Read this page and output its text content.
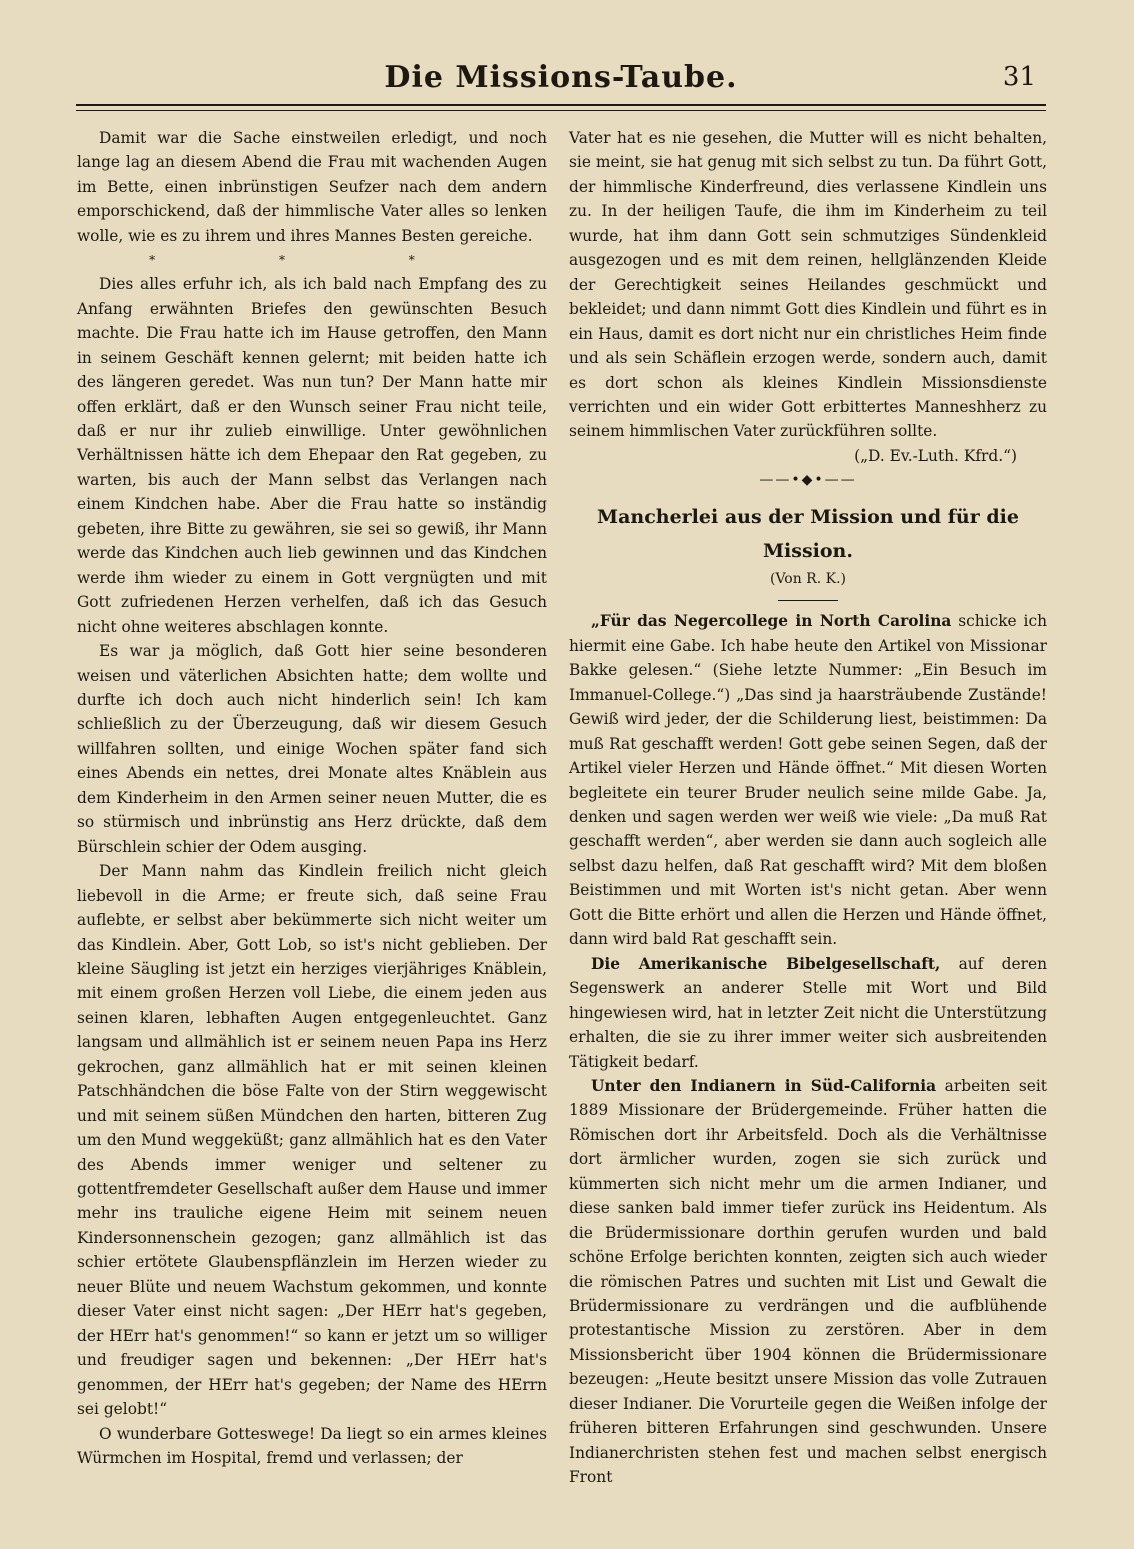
Die Missions-Taube.	31

Damit war die Sache einstweilen erledigt, und noch lange lag an diesem Abend die Frau mit wachenden Augen im Bette, einen inbrünstigen Seufzer nach dem andern emporschickend, daß der himmlische Vater alles so lenken wolle, wie es zu ihrem und ihres Mannes Besten gereiche.

* * *

Dies alles erfuhr ich, als ich bald nach Empfang des zu Anfang erwähnten Briefes den gewünschten Besuch machte. Die Frau hatte ich im Hause getroffen, den Mann in seinem Geschäft kennen gelernt; mit beiden hatte ich des längeren geredet. Was nun tun? Der Mann hatte mir offen erklärt, daß er den Wunsch seiner Frau nicht teile, daß er nur ihr zulieb einwillige. Unter gewöhnlichen Verhältnissen hätte ich dem Ehepaar den Rat gegeben, zu warten, bis auch der Mann selbst das Verlangen nach einem Kindchen habe. Aber die Frau hatte so inständig gebeten, ihre Bitte zu gewähren, sie sei so gewiß, ihr Mann werde das Kindchen auch lieb gewinnen und das Kindchen werde ihm wieder zu einem in Gott vergnügten und mit Gott zufriedenen Herzen verhelfen, daß ich das Gesuch nicht ohne weiteres abschlagen konnte.

Es war ja möglich, daß Gott hier seine besonderen weisen und väterlichen Absichten hatte; dem wollte und durfte ich doch auch nicht hinderlich sein! Ich kam schließlich zu der Überzeugung, daß wir diesem Gesuch willfahren sollten, und einige Wochen später fand sich eines Abends ein nettes, drei Monate altes Knäblein aus dem Kinderheim in den Armen seiner neuen Mutter, die es so stürmisch und inbrünstig ans Herz drückte, daß dem Bürschlein schier der Odem ausging.

Der Mann nahm das Kindlein freilich nicht gleich liebevoll in die Arme; er freute sich, daß seine Frau auflebte, er selbst aber bekümmerte sich nicht weiter um das Kindlein. Aber, Gott Lob, so ist's nicht geblieben. Der kleine Säugling ist jetzt ein herziges vierjähriges Knäblein, mit einem großen Herzen voll Liebe, die einem jeden aus seinen klaren, lebhaften Augen entgegenleuchtet. Ganz langsam und allmählich ist er seinem neuen Papa ins Herz gekrochen, ganz allmählich hat er mit seinen kleinen Patschhändchen die böse Falte von der Stirn weggewischt und mit seinem süßen Mündchen den harten, bitteren Zug um den Mund weggeküßt; ganz allmählich hat es den Vater des Abends immer weniger und seltener zu gottentfremdeter Gesellschaft außer dem Hause und immer mehr ins trauliche eigene Heim mit seinem neuen Kindersonnenschein gezogen; ganz allmählich ist das schier ertötete Glaubenspflänzlein im Herzen wieder zu neuer Blüte und neuem Wachstum gekommen, und konnte dieser Vater einst nicht sagen: „Der HErr hat's gegeben, der HErr hat's genommen!“ so kann er jetzt um so williger und freudiger sagen und bekennen: „Der HErr hat's genommen, der HErr hat's gegeben; der Name des HErrn sei gelobt!“

O wunderbare Gotteswege! Da liegt so ein armes kleines Würmchen im Hospital, fremd und verlassen; der

Vater hat es nie gesehen, die Mutter will es nicht behalten, sie meint, sie hat genug mit sich selbst zu tun. Da führt Gott, der himmlische Kinderfreund, dies verlassene Kindlein uns zu. In der heiligen Taufe, die ihm im Kinderheim zu teil wurde, hat ihm dann Gott sein schmutziges Sündenkleid ausgezogen und es mit dem reinen, hellglänzenden Kleide der Gerechtigkeit seines Heilandes geschmückt und bekleidet; und dann nimmt Gott dies Kindlein und führt es in ein Haus, damit es dort nicht nur ein christliches Heim finde und als sein Schäflein erzogen werde, sondern auch, damit es dort schon als kleines Kindlein Missionsdienste verrichten und ein wider Gott erbittertes Manneshherz zu seinem himmlischen Vater zurückführen sollte.

(„D. Ev.-Luth. Kfrd.“)
——•◆•——
Mancherlei aus der Mission und für die Mission.
(Von R. K.)

„Für das Negercollege in North Carolina schicke ich hiermit eine Gabe. Ich habe heute den Artikel von Missionar Bakke gelesen.“ (Siehe letzte Nummer: „Ein Besuch im Immanuel-College.“) „Das sind ja haarsträubende Zustände! Gewiß wird jeder, der die Schilderung liest, beistimmen: Da muß Rat geschafft werden! Gott gebe seinen Segen, daß der Artikel vieler Herzen und Hände öffnet.“ Mit diesen Worten begleitete ein teurer Bruder neulich seine milde Gabe. Ja, denken und sagen werden wer weiß wie viele: „Da muß Rat geschafft werden“, aber werden sie dann auch sogleich alle selbst dazu helfen, daß Rat geschafft wird? Mit dem bloßen Beistimmen und mit Worten ist's nicht getan. Aber wenn Gott die Bitte erhört und allen die Herzen und Hände öffnet, dann wird bald Rat geschafft sein.

Die Amerikanische Bibelgesellschaft, auf deren Segenswerk an anderer Stelle mit Wort und Bild hingewiesen wird, hat in letzter Zeit nicht die Unterstützung erhalten, die sie zu ihrer immer weiter sich ausbreitenden Tätigkeit bedarf.

Unter den Indianern in Süd-California arbeiten seit 1889 Missionare der Brüdergemeinde. Früher hatten die Römischen dort ihr Arbeitsfeld. Doch als die Verhältnisse dort ärmlicher wurden, zogen sie sich zurück und kümmerten sich nicht mehr um die armen Indianer, und diese sanken bald immer tiefer zurück ins Heidentum. Als die Brüdermissionare dorthin gerufen wurden und bald schöne Erfolge berichten konnten, zeigten sich auch wieder die römischen Patres und suchten mit List und Gewalt die Brüdermissionare zu verdrängen und die aufblühende protestantische Mission zu zerstören. Aber in dem Missionsbericht über 1904 können die Brüdermissionare bezeugen: „Heute besitzt unsere Mission das volle Zutrauen dieser Indianer. Die Vorurteile gegen die Weißen infolge der früheren bitteren Erfahrungen sind geschwunden. Unsere Indianerchristen stehen fest und machen selbst energisch Front
